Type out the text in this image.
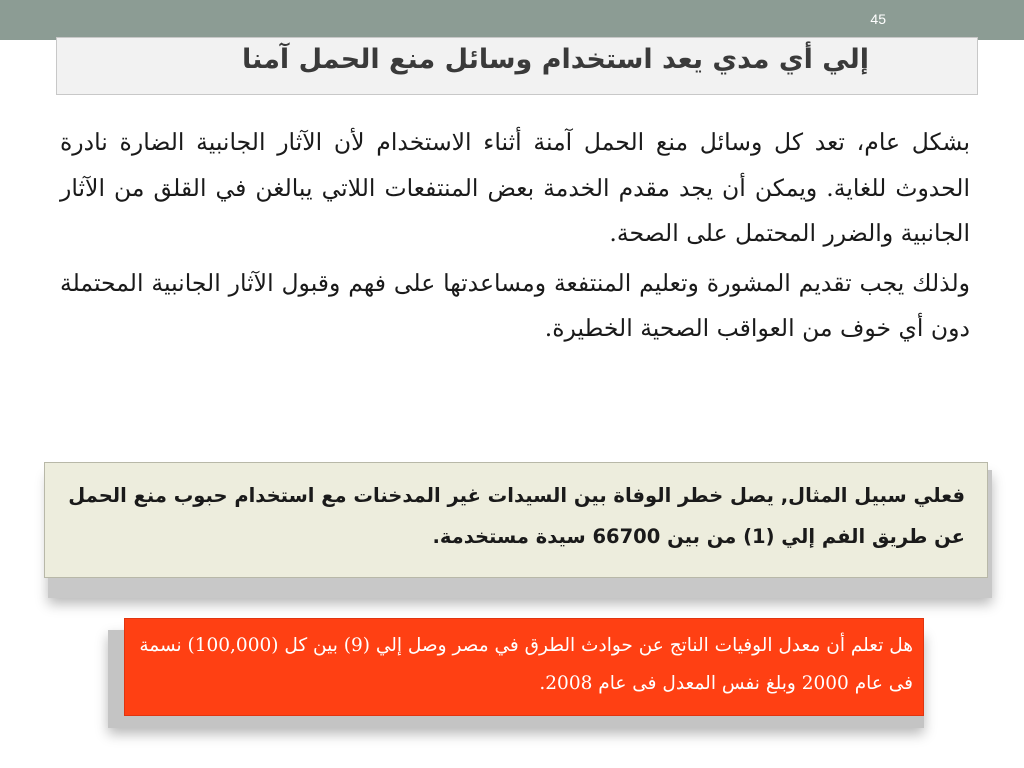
45
إلي أي مدي يعد استخدام وسائل منع الحمل آمنا

بشكل عام، تعد كل وسائل منع الحمل آمنة أثناء الاستخدام لأن الآثار الجانبية الضارة نادرة الحدوث للغاية. ويمكن أن يجد مقدم الخدمة بعض المنتفعات اللاتي يبالغن في القلق من الآثار الجانبية والضرر المحتمل على الصحة.

ولذلك يجب تقديم المشورة وتعليم المنتفعة ومساعدتها على فهم وقبول الآثار الجانبية المحتملة دون أي خوف من العواقب الصحية الخطيرة.

فعلي سبيل المثال, يصل خطر الوفاة بين السيدات غير المدخنات مع استخدام حبوب منع الحمل عن طريق الفم إلي (1) من بين 66700 سيدة مستخدمة.
هل تعلم أن معدل الوفيات الناتج عن حوادث الطرق في مصر وصل إلي (9) بين كل (100,000) نسمة فى عام 2000 وبلغ نفس المعدل فى عام 2008.
